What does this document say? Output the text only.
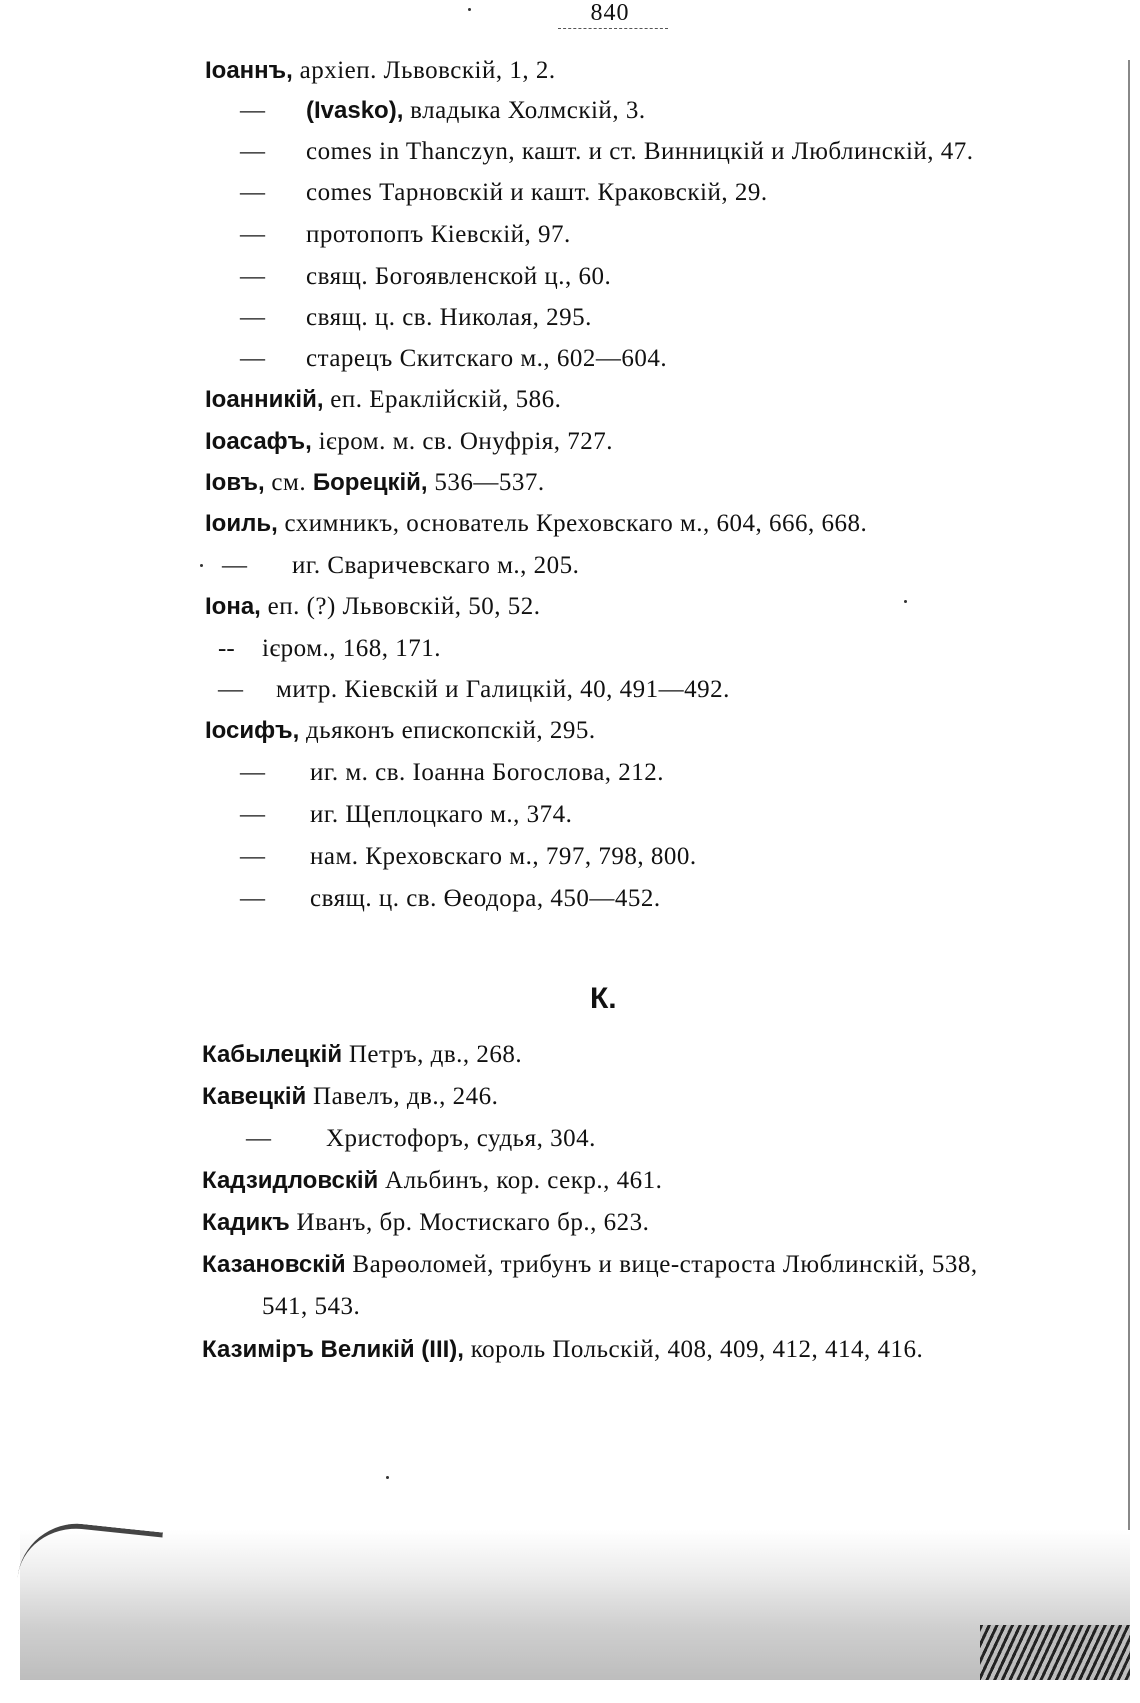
840
Іоаннъ, архіеп. Львовскій, 1, 2.
— (Ivasko), владыка Холмскій, 3.
— comes in Thanczyn, кашт. и ст. Винницкій и Люблинскій, 47.
— comes Тарновскій и кашт. Краковскій, 29.
— протопопъ Кіевскій, 97.
— свящ. Богоявленской ц., 60.
— свящ. ц. св. Николая, 295.
— старецъ Скитскаго м., 602—604.
Іоанникій, еп. Ераклійскій, 586.
Іоасафъ, ієром. м. св. Онуфрія, 727.
Іовъ, см. Борецкій, 536—537.
Іоиль, схимникъ, основатель Креховскаго м., 604, 666, 668.
— иг. Сваричевскаго м., 205.
Іона, еп. (?) Львовскій, 50, 52.
-- ієром., 168, 171.
— митр. Кіевскій и Галицкій, 40, 491—492.
Іосифъ, дьяконъ епископскій, 295.
— иг. м. св. Іоанна Богослова, 212.
— иг. Щеплоцкаго м., 374.
— нам. Креховскаго м., 797, 798, 800.
— свящ. ц. св. Өеодора, 450—452.
К.
Кабылецкій Петръ, дв., 268.
Кавецкій Павелъ, дв., 246.
— Христофоръ, судья, 304.
Кадзидловскій Альбинъ, кор. секр., 461.
Кадикъ Иванъ, бр. Мостискаго бр., 623.
Казановскій Варөоломей, трибунъ и вице-староста Люблинскій, 538,
541, 543.
Казиміръ Великій (III), король Польскій, 408, 409, 412, 414, 416.
